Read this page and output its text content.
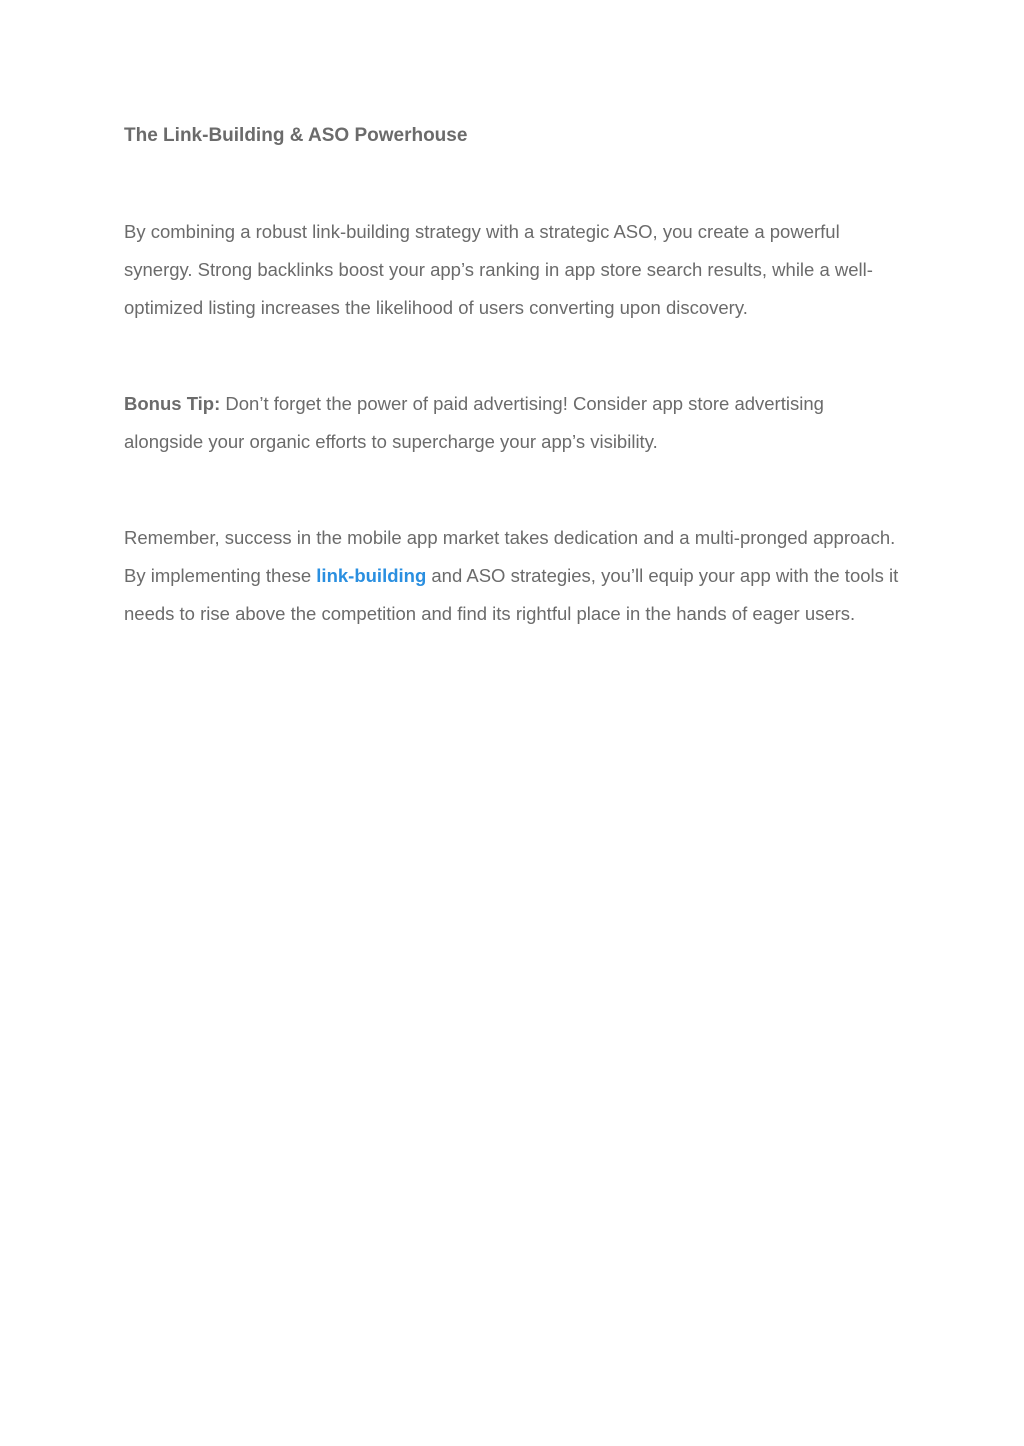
The Link-Building & ASO Powerhouse

By combining a robust link-building strategy with a strategic ASO, you create a powerful synergy. Strong backlinks boost your app’s ranking in app store search results, while a well-optimized listing increases the likelihood of users converting upon discovery.

Bonus Tip: Don’t forget the power of paid advertising! Consider app store advertising alongside your organic efforts to supercharge your app’s visibility.

Remember, success in the mobile app market takes dedication and a multi-pronged approach. By implementing these link-building and ASO strategies, you’ll equip your app with the tools it needs to rise above the competition and find its rightful place in the hands of eager users.
